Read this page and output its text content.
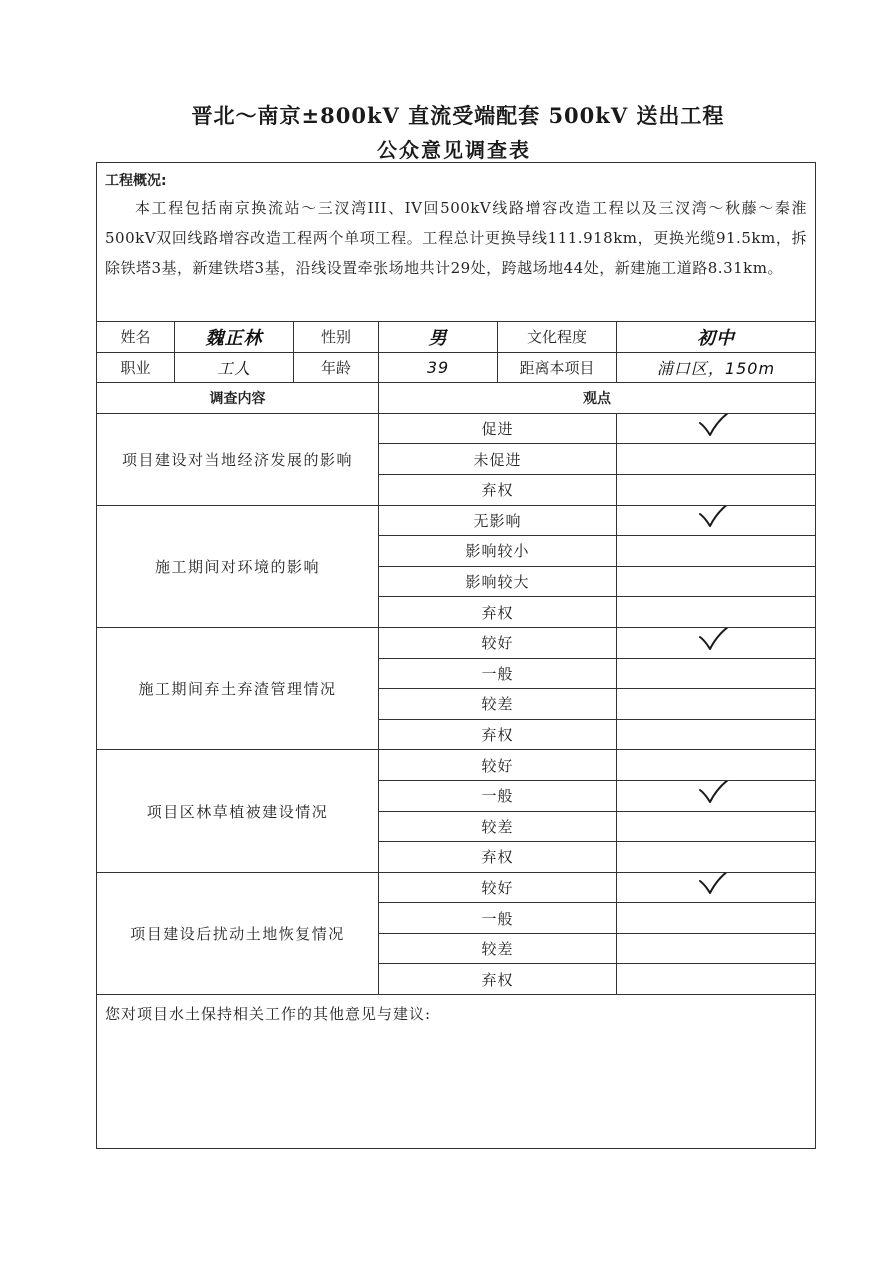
晋北～南京±800kV 直流受端配套 500kV 送出工程
公众意见调查表
工程概况:
本工程包括南京换流站～三汊湾III、IV回500kV线路增容改造工程以及三汊湾～秋藤～秦淮500kV双回线路增容改造工程两个单项工程。工程总计更换导线111.918km，更换光缆91.5km，拆除铁塔3基，新建铁塔3基，沿线设置牵张场地共计29处，跨越场地44处，新建施工道路8.31km。					

姓名	魏正林	性别	男	文化程度	初中
职业	工人	年龄	39	距离本项目	浦口区，150m
调查内容			观点		
项目建设对当地经济发展的影响			促进	
			未促进		
			弃权		
施工期间对环境的影响			无影响	
			影响较小		
			影响较大		
			弃权		
施工期间弃土弃渣管理情况			较好	
			一般		
			较差		
			弃权		
项目区林草植被建设情况			较好		
			一般	
			较差		
			弃权		
项目建设后扰动土地恢复情况			较好	
			一般		
			较差		
			弃权		
您对项目水土保持相关工作的其他意见与建议:					
